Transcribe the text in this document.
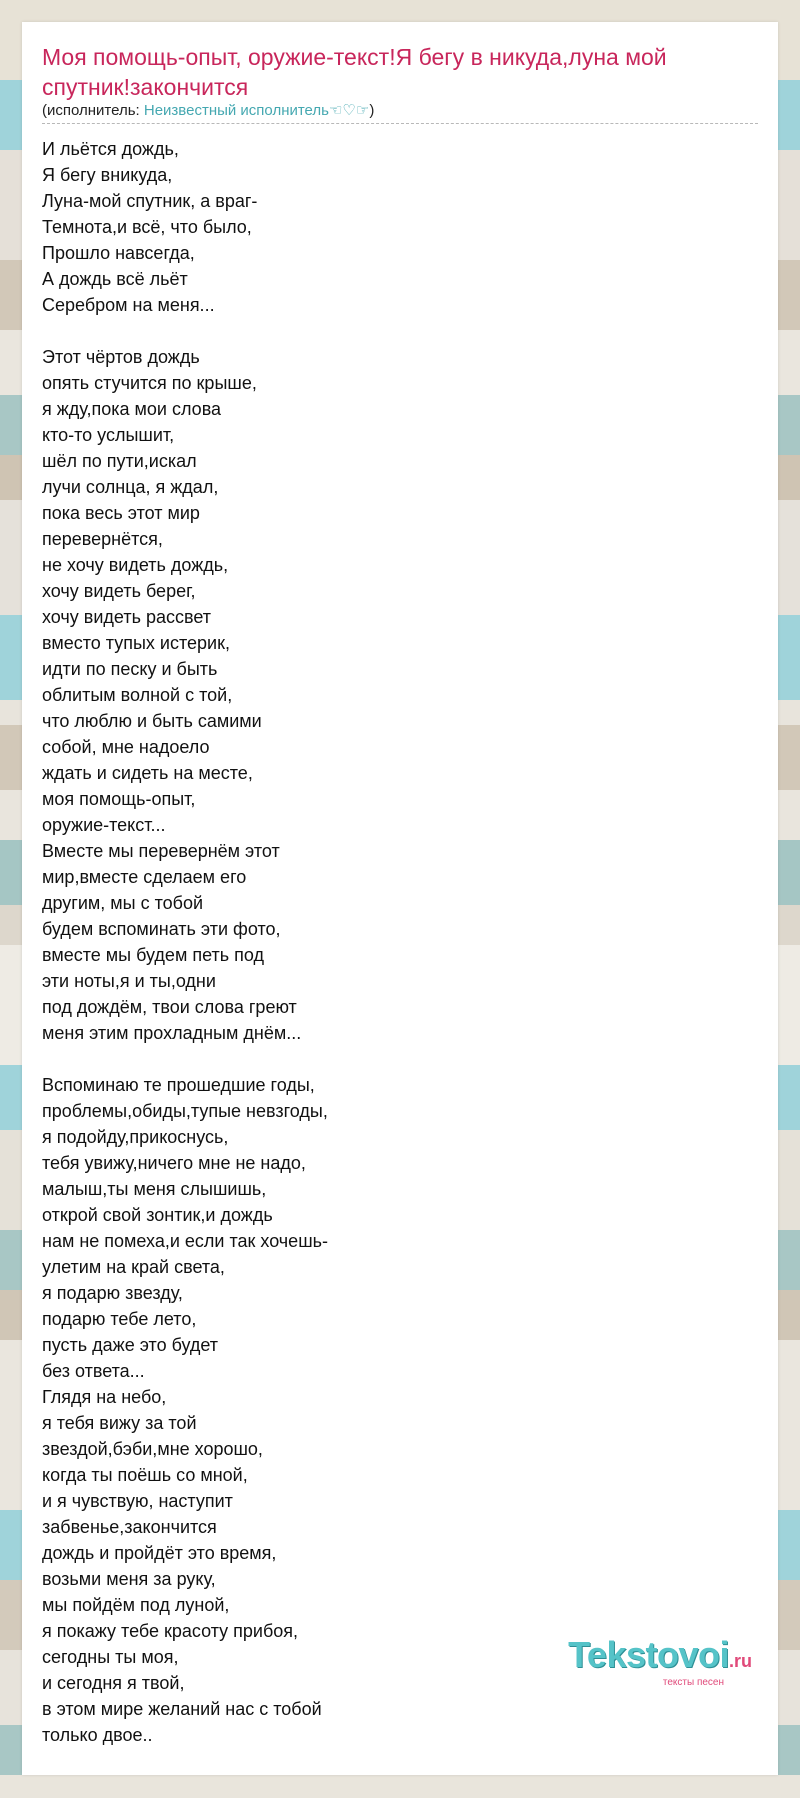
Моя помощь-опыт, оружие-текст!Я бегу в никуда,луна мой спутник!закончится
(исполнитель: Неизвестный исполнитель☜♡☞)
И льётся дождь,
Я бегу вникуда,
Луна-мой спутник, а враг-
Темнота,и всё, что было,
Прошло навсегда,
А дождь всё льёт
Серебром на меня...
Этот чёртов дождь
опять стучится по крыше,
я жду,пока мои слова
кто-то услышит,
шёл по пути,искал
лучи солнца, я ждал,
пока весь этот мир
перевернётся,
не хочу видеть дождь,
хочу видеть берег,
хочу видеть рассвет
вместо тупых истерик,
идти по песку и быть
облитым волной с той,
что люблю и быть самими
собой, мне надоело
ждать и сидеть на месте,
моя помощь-опыт,
оружие-текст...
Вместе мы перевернём этот
мир,вместе сделаем его
другим, мы с тобой
будем вспоминать эти фото,
вместе мы будем петь под
эти ноты,я и ты,одни
под дождём, твои слова греют
меня этим прохладным днём...
Вспоминаю те прошедшие годы,
проблемы,обиды,тупые невзгоды,
я подойду,прикоснусь,
тебя увижу,ничего мне не надо,
малыш,ты меня слышишь,
открой свой зонтик,и дождь
нам не помеха,и если так хочешь-
улетим на край света,
я подарю звезду,
подарю тебе лето,
пусть даже это будет
без ответа...
Глядя на небо,
я тебя вижу за той
звездой,бэби,мне хорошо,
когда ты поёшь со мной,
и я чувствую, наступит
забвенье,закончится
дождь и пройдёт это время,
возьми меня за руку,
мы пойдём под луной,
я покажу тебе красоту прибоя,
сегодны ты моя,
и сегодня я твой,
в этом мире желаний нас с тобой
только двое..
Tekstovoi.ru
тексты песен
